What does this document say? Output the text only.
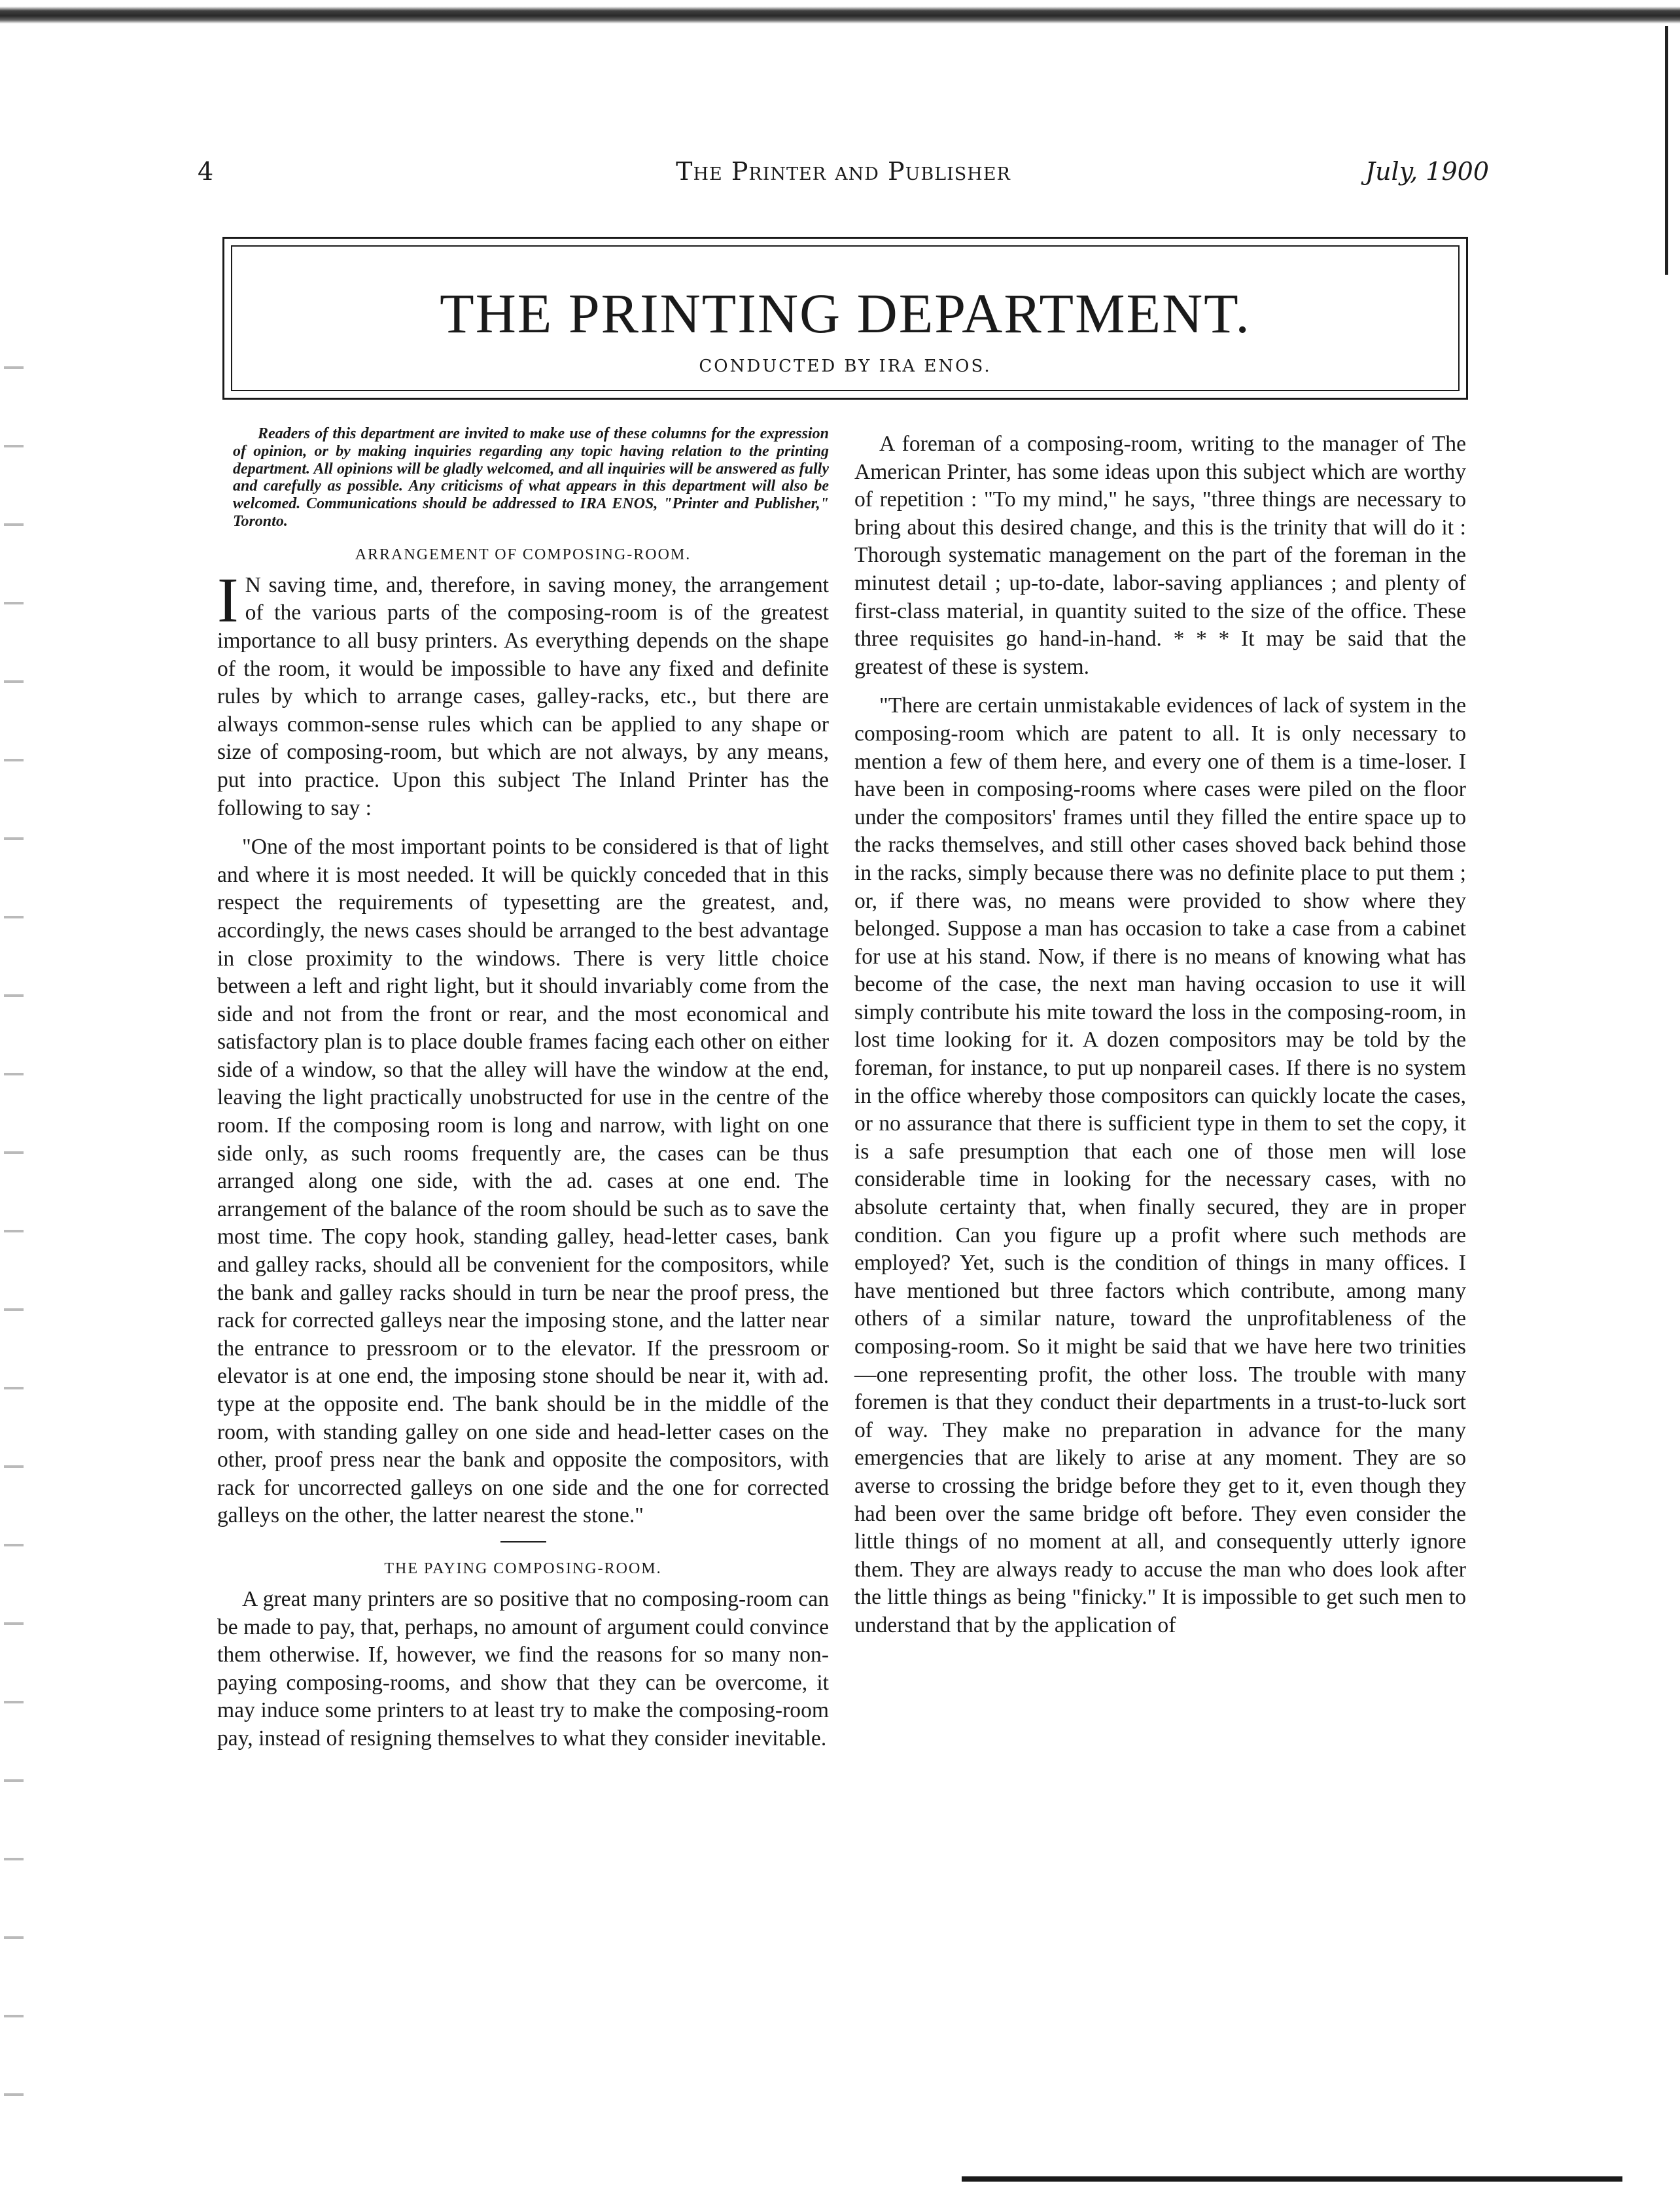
4	The Printer and Publisher	July, 1900
THE PRINTING DEPARTMENT.
CONDUCTED BY IRA ENOS.

Readers of this department are invited to make use of these columns for the expression of opinion, or by making inquiries regarding any topic having relation to the printing department. All opinions will be gladly welcomed, and all inquiries will be answered as fully and carefully as possible. Any criticisms of what appears in this department will also be welcomed. Communications should be addressed to IRA ENOS, "Printer and Publisher," Toronto.

ARRANGEMENT OF COMPOSING-ROOM.

I N saving time, and, therefore, in saving money, the arrangement of the various parts of the composing-room is of the greatest importance to all busy printers. As everything depends on the shape of the room, it would be impossible to have any fixed and definite rules by which to arrange cases, galley-racks, etc., but there are always common-sense rules which can be applied to any shape or size of composing-room, but which are not always, by any means, put into practice. Upon this subject The Inland Printer has the following to say :

"One of the most important points to be considered is that of light and where it is most needed. It will be quickly conceded that in this respect the requirements of typesetting are the greatest, and, accordingly, the news cases should be arranged to the best advantage in close proximity to the windows. There is very little choice between a left and right light, but it should invariably come from the side and not from the front or rear, and the most economical and satisfactory plan is to place double frames facing each other on either side of a window, so that the alley will have the window at the end, leaving the light practically unobstructed for use in the centre of the room. If the composing room is long and narrow, with light on one side only, as such rooms frequently are, the cases can be thus arranged along one side, with the ad. cases at one end. The arrangement of the balance of the room should be such as to save the most time. The copy hook, standing galley, head-letter cases, bank and galley racks, should all be convenient for the compositors, while the bank and galley racks should in turn be near the proof press, the rack for corrected galleys near the imposing stone, and the latter near the entrance to pressroom or to the elevator. If the pressroom or elevator is at one end, the imposing stone should be near it, with ad. type at the opposite end. The bank should be in the middle of the room, with standing galley on one side and head-letter cases on the other, proof press near the bank and opposite the compositors, with rack for uncorrected galleys on one side and the one for corrected galleys on the other, the latter nearest the stone."

THE PAYING COMPOSING-ROOM.

A great many printers are so positive that no composing-room can be made to pay, that, perhaps, no amount of argument could convince them otherwise. If, however, we find the reasons for so many non-paying composing-rooms, and show that they can be overcome, it may induce some printers to at least try to make the composing-room pay, instead of resigning themselves to what they consider inevitable.

A foreman of a composing-room, writing to the manager of The American Printer, has some ideas upon this subject which are worthy of repetition : "To my mind," he says, "three things are necessary to bring about this desired change, and this is the trinity that will do it : Thorough systematic management on the part of the foreman in the minutest detail ; up-to-date, labor-saving appliances ; and plenty of first-class material, in quantity suited to the size of the office. These three requisites go hand-in-hand. * * * It may be said that the greatest of these is system.

"There are certain unmistakable evidences of lack of system in the composing-room which are patent to all. It is only necessary to mention a few of them here, and every one of them is a time-loser. I have been in composing-rooms where cases were piled on the floor under the compositors' frames until they filled the entire space up to the racks themselves, and still other cases shoved back behind those in the racks, simply because there was no definite place to put them ; or, if there was, no means were provided to show where they belonged. Suppose a man has occasion to take a case from a cabinet for use at his stand. Now, if there is no means of knowing what has become of the case, the next man having occasion to use it will simply contribute his mite toward the loss in the composing-room, in lost time looking for it. A dozen compositors may be told by the foreman, for instance, to put up nonpareil cases. If there is no system in the office whereby those compositors can quickly locate the cases, or no assurance that there is sufficient type in them to set the copy, it is a safe presumption that each one of those men will lose considerable time in looking for the necessary cases, with no absolute certainty that, when finally secured, they are in proper condition. Can you figure up a profit where such methods are employed? Yet, such is the condition of things in many offices. I have mentioned but three factors which contribute, among many others of a similar nature, toward the unprofitableness of the composing-room. So it might be said that we have here two trinities—one representing profit, the other loss. The trouble with many foremen is that they conduct their departments in a trust-to-luck sort of way. They make no preparation in advance for the many emergencies that are likely to arise at any moment. They are so averse to crossing the bridge before they get to it, even though they had been over the same bridge oft before. They even consider the little things of no moment at all, and consequently utterly ignore them. They are always ready to accuse the man who does look after the little things as being "finicky." It is impossible to get such men to understand that by the application of
